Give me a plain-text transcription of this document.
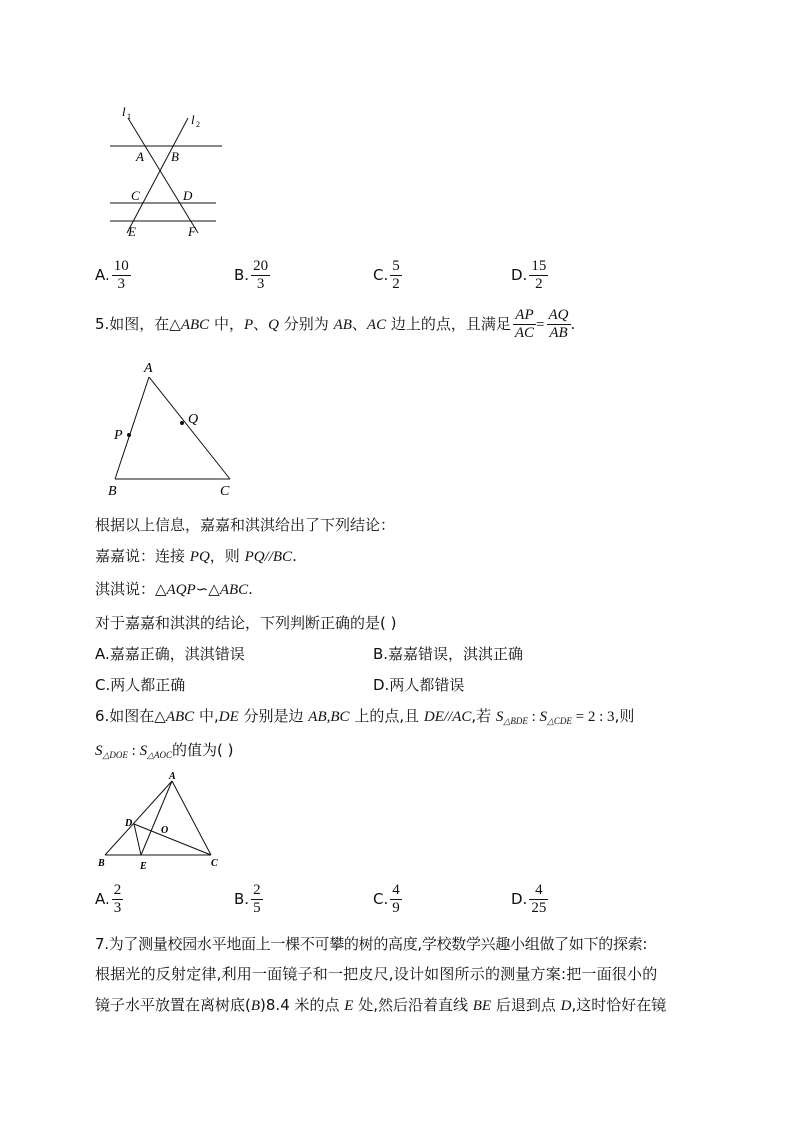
l 1	l 2
A B
C	D
E	F
A. $\frac{10}{3}$	B. $\frac{20}{3}$	C. $\frac{5}{2}$	D. $\frac{15}{2}$
5.如图，在△ABC 中，P、Q 分别为 AB、AC 边上的点，且满足 $\frac{AP}{AC} = \frac{AQ}{AB}$ .
A
B	C
P
Q
根据以上信息，嘉嘉和淇淇给出了下列结论：
嘉嘉说：连接 PQ，则 PQ//BC.
淇淇说：△AQP∽△ABC.
对于嘉嘉和淇淇的结论，下列判断正确的是( )
A.嘉嘉正确，淇淇错误	B.嘉嘉错误，淇淇正确
C.两人都正确	D.两人都错误
6.如图在△ABC 中,DE 分别是边 AB,BC 上的点,且 DE//AC,若 $S_{\triangle BDE}$ : $S_{\triangle CDE} = 2$ : 3,则
$S_{\triangle DOE}$ : $S_{\triangle AOC}$的值为( )
A
B	C
D
E
O
A. $\frac{2}{3}$	B. $\frac{2}{5}$	C. $\frac{4}{9}$	D. $\frac{4}{25}$
7.为了测量校园水平地面上一棵不可攀的树的高度,学校数学兴趣小组做了如下的探索:
根据光的反射定律,利用一面镜子和一把皮尺,设计如图所示的测量方案:把一面很小的
镜子水平放置在离树底(B)8.4 米的点 E 处,然后沿着直线 BE 后退到点 D,这时恰好在镜
